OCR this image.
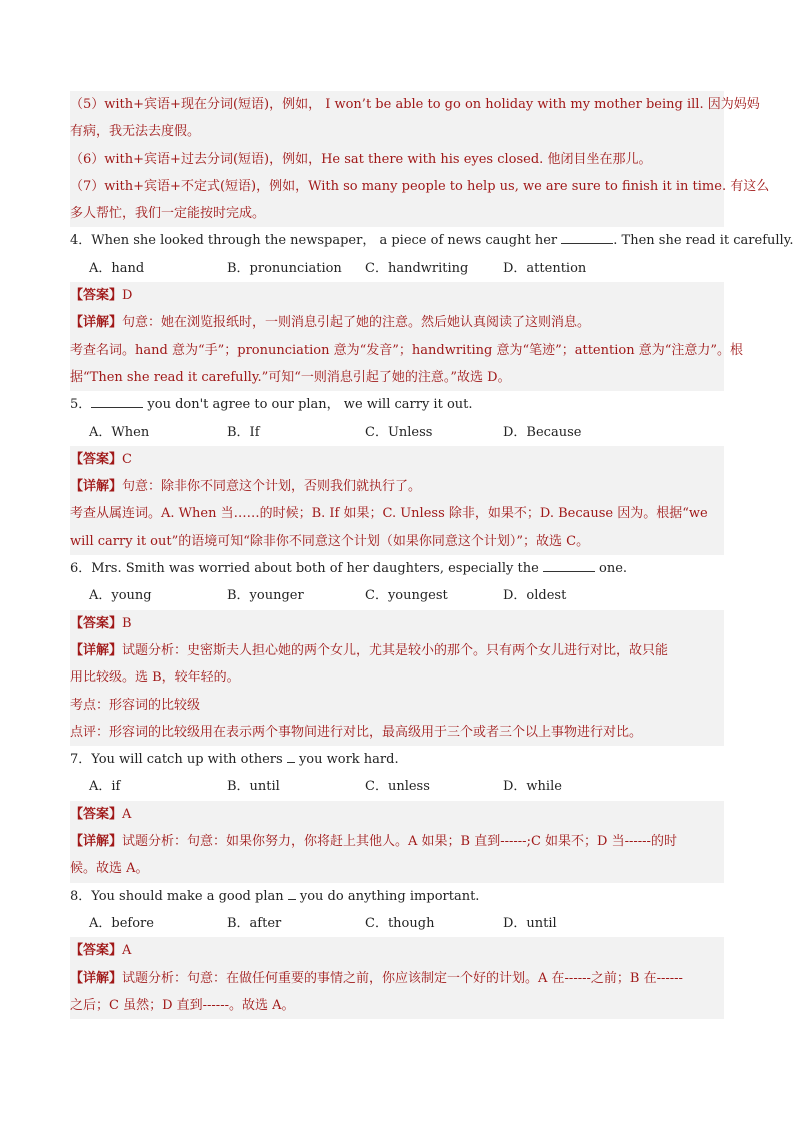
（5）with+宾语+现在分词(短语)，例如， I won’t be able to go on holiday with my mother being ill. 因为妈妈
有病，我无法去度假。
（6）with+宾语+过去分词(短语)，例如，He sat there with his eyes closed. 他闭目坐在那儿。
（7）with+宾语+不定式(短语)，例如，With so many people to help us, we are sure to finish it in time. 有这么
多人帮忙，我们一定能按时完成。
4．When she looked through the newspaper， a piece of news caught her	. Then she read it carefully.
A．hand	B．pronunciation	C．handwriting	D．attention
【答案】D
【详解】句意：她在浏览报纸时，一则消息引起了她的注意。然后她认真阅读了这则消息。
考查名词。hand 意为“手”；pronunciation 意为“发音”；handwriting 意为“笔迹”；attention 意为“注意力”。根
据“Then she read it carefully.”可知“一则消息引起了她的注意。”故选 D。
5．	you don't agree to our plan， we will carry it out.
A．When	B．If	C．Unless	D．Because
【答案】C
【详解】句意：除非你不同意这个计划，否则我们就执行了。
考查从属连词。A. When 当……的时候；B. If 如果；C. Unless 除非，如果不；D. Because 因为。根据“we
will carry it out”的语境可知“除非你不同意这个计划（如果你同意这个计划）”；故选 C。
6．Mrs. Smith was worried about both of her daughters, especially the	one.
A．young	B．younger	C．youngest	D．oldest
【答案】B
【详解】试题分析：史密斯夫人担心她的两个女儿，尤其是较小的那个。只有两个女儿进行对比，故只能
用比较级。选 B，较年轻的。
考点：形容词的比较级
点评：形容词的比较级用在表示两个事物间进行对比，最高级用于三个或者三个以上事物进行对比。
7．You will catch up with others  you work hard.
A．if	B．until	C．unless	D．while
【答案】A
【详解】试题分析：句意：如果你努力，你将赶上其他人。A 如果；B 直到------;C 如果不；D 当------的时
候。故选 A。
8．You should make a good plan  you do anything important.
A．before	B．after	C．though	D．until
【答案】A
【详解】试题分析：句意：在做任何重要的事情之前，你应该制定一个好的计划。A 在------之前；B 在------
之后；C 虽然；D 直到------。故选 A。
